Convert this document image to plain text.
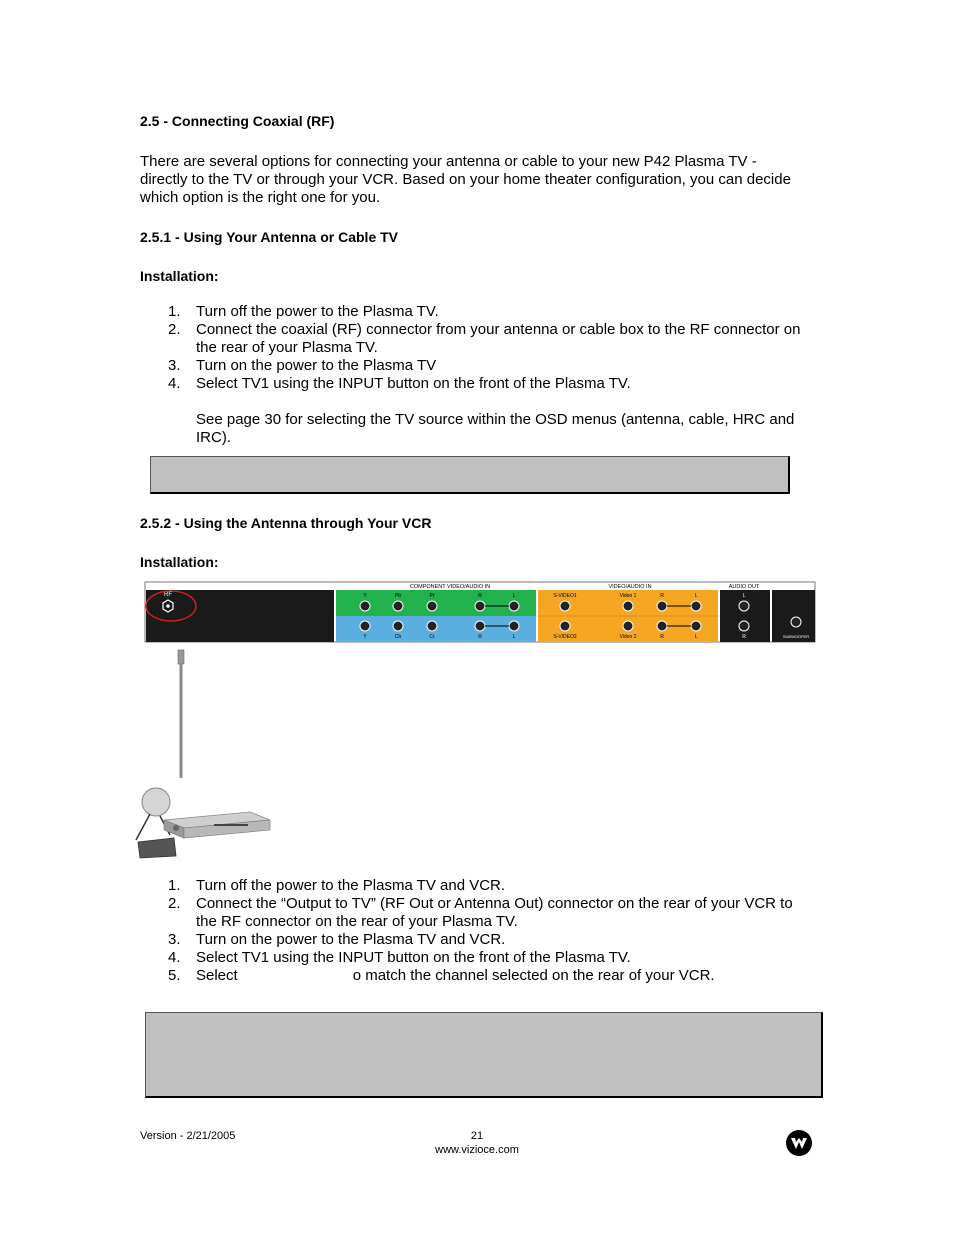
2.5 - Connecting Coaxial (RF)
There are several options for connecting your antenna or cable to your new P42 Plasma TV - directly to the TV or through your VCR. Based on your home theater configuration, you can decide which option is the right one for you.
2.5.1 - Using Your Antenna or Cable TV
Installation:
1. Turn off the power to the Plasma TV.
2. Connect the coaxial (RF) connector from your antenna or cable box to the RF connector on the rear of your Plasma TV.
3. Turn on the power to the Plasma TV
4. Select TV1 using the INPUT button on the front of the Plasma TV.
See page 30 for selecting the TV source within the OSD menus (antenna, cable, HRC and IRC).
2.5.2 - Using the Antenna through Your VCR
Installation:
RF
COMPONENT VIDEO/AUDIO IN
Y	Pb	Pr	R	L
Y	Cb	Cr	R	L
VIDEO/AUDIO IN
S-VIDEO1	Video 1	R	L
S-VIDEO2	Video 2	R	L
AUDIO OUT
L
R	SUBWOOFER
1. Turn off the power to the Plasma TV and VCR.
2. Connect the “Output to TV” (RF Out or Antenna Out) connector on the rear of your VCR to the RF connector on the rear of your Plasma TV.
3. Turn on the power to the Plasma TV and VCR.
4. Select TV1 using the INPUT button on the front of the Plasma TV.
5. Select	o match the channel selected on the rear of your VCR.
Version - 2/21/2005	21
www.vizioce.com
